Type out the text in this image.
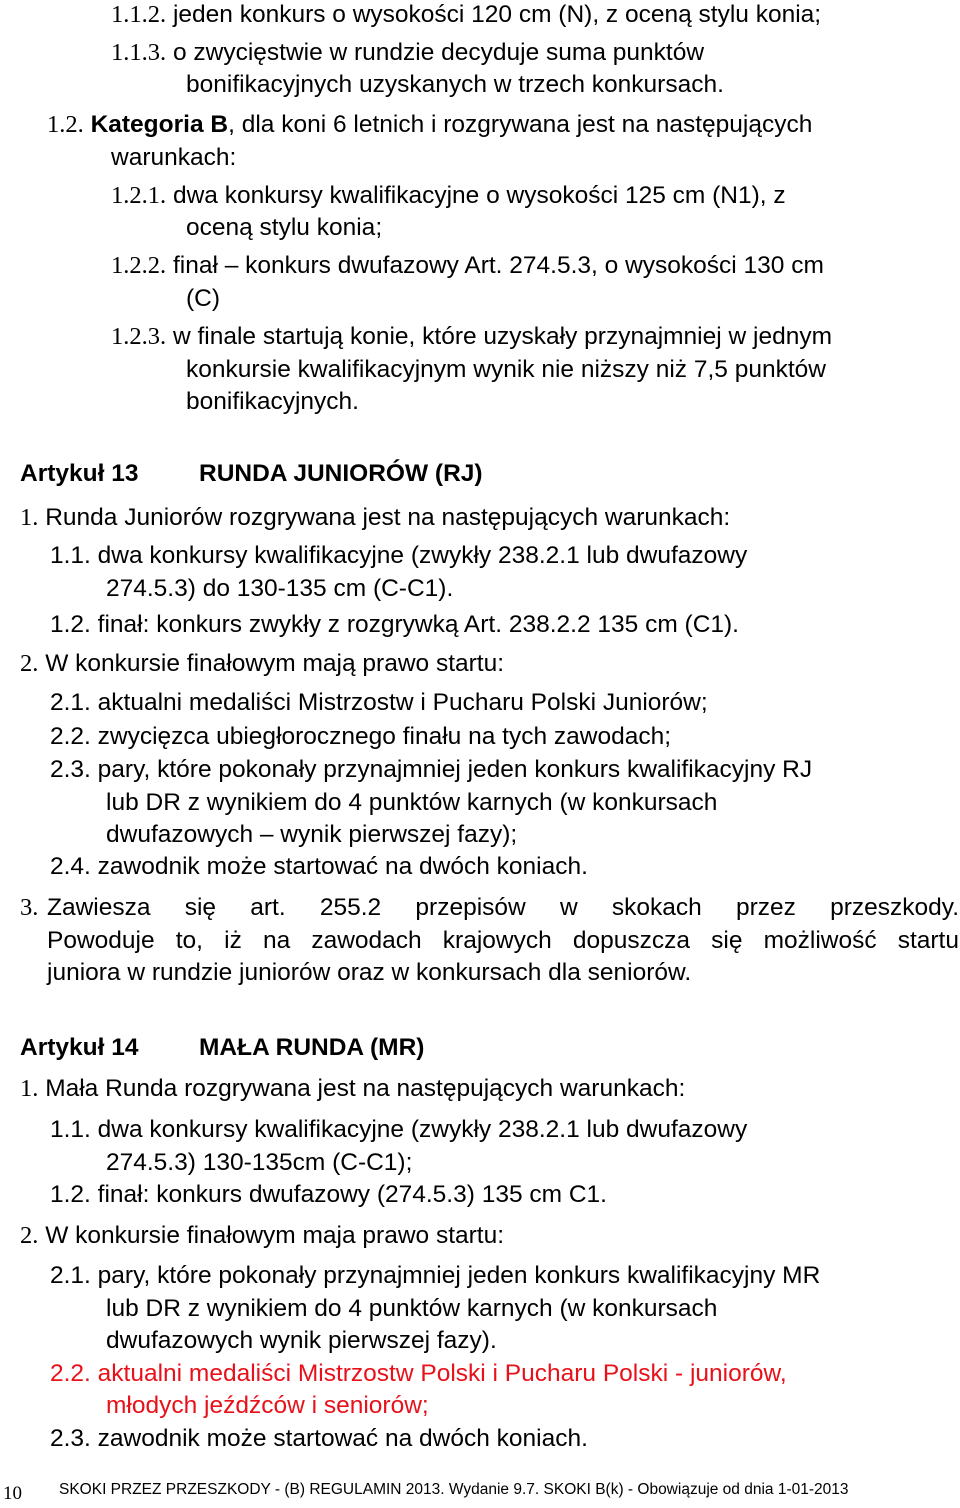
1.1.2. jeden konkurs o wysokości 120 cm (N), z oceną stylu konia;
1.1.3. o zwycięstwie w rundzie decyduje suma punktów
bonifikacyjnych uzyskanych w trzech konkursach.
1.2. Kategoria B, dla koni 6 letnich i rozgrywana jest na następujących
warunkach:
1.2.1. dwa konkursy kwalifikacyjne o wysokości 125 cm (N1), z
oceną stylu konia;
1.2.2. finał – konkurs dwufazowy Art. 274.5.3, o wysokości 130 cm
(C)
1.2.3. w finale startują konie, które uzyskały przynajmniej w jednym
konkursie kwalifikacyjnym wynik nie niższy niż 7,5 punktów
bonifikacyjnych.
Artykuł 13 RUNDA JUNIORÓW (RJ)
1. Runda Juniorów rozgrywana jest na następujących warunkach:
1.1. dwa konkursy kwalifikacyjne (zwykły 238.2.1 lub dwufazowy
274.5.3) do 130-135 cm (C-C1).
1.2. finał: konkurs zwykły z rozgrywką Art. 238.2.2 135 cm (C1).
2. W konkursie finałowym mają prawo startu:
2.1. aktualni medaliści Mistrzostw i Pucharu Polski Juniorów;
2.2. zwycięzca ubiegłorocznego finału na tych zawodach;
2.3. pary, które pokonały przynajmniej jeden konkurs kwalifikacyjny RJ
lub DR z wynikiem do 4 punktów karnych (w konkursach
dwufazowych – wynik pierwszej fazy);
2.4. zawodnik może startować na dwóch koniach.
3. Zawiesza się art. 255.2 przepisów w skokach przez przeszkody.
Powoduje to, iż na zawodach krajowych dopuszcza się możliwość startu
juniora w rundzie juniorów oraz w konkursach dla seniorów.
Artykuł 14 MAŁA RUNDA (MR)
1. Mała Runda rozgrywana jest na następujących warunkach:
1.1. dwa konkursy kwalifikacyjne (zwykły 238.2.1 lub dwufazowy
274.5.3) 130-135cm (C-C1);
1.2. finał: konkurs dwufazowy (274.5.3) 135 cm C1.
2. W konkursie finałowym maja prawo startu:
2.1. pary, które pokonały przynajmniej jeden konkurs kwalifikacyjny MR
lub DR z wynikiem do 4 punktów karnych (w konkursach
dwufazowych wynik pierwszej fazy).
2.2. aktualni medaliści Mistrzostw Polski i Pucharu Polski - juniorów,
młodych jeźdźców i seniorów;
2.3. zawodnik może startować na dwóch koniach.
10 SKOKI PRZEZ PRZESZKODY - (B) REGULAMIN 2013. Wydanie 9.7. SKOKI B(k) - Obowiązuje od dnia 1-01-2013
